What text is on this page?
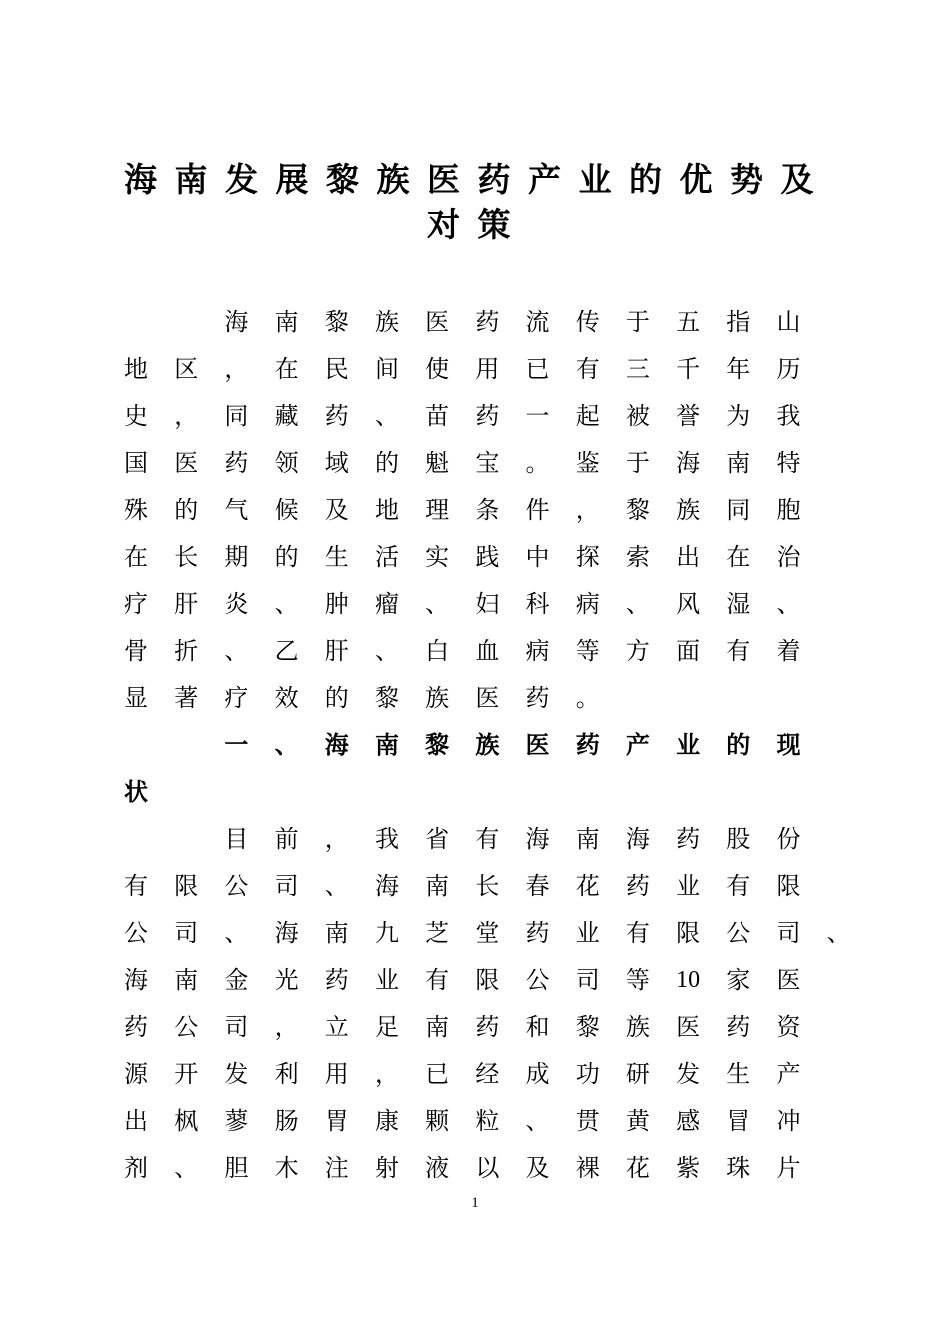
海 南 发 展 黎 族 医 药 产 业 的 优 势 及
对 策
海	南	黎	族	医	药	流	传	于	五	指	山
地	区	，	在	民	间	使	用	已	有	三	千	年	历
史	，	同	藏	药	、	苗	药	一	起	被	誉	为	我
国	医	药	领	域	的	魁	宝	。	鉴	于	海	南	特
殊	的	气	候	及	地	理	条	件	，	黎	族	同	胞
在	长	期	的	生	活	实	践	中	探	索	出	在	治
疗	肝	炎	、	肿	瘤	、	妇	科	病	、	风	湿	、
骨	折	、	乙	肝	、	白	血	病	等	方	面	有	着
显	著	疗	效	的	黎	族	医	药	。
一	、	海	南	黎	族	医	药	产	业	的	现
状
目	前	，	我	省	有	海	南	海	药	股	份
有	限	公	司	、	海	南	长	春	花	药	业	有	限
公	司	、	海	南	九	芝	堂	药	业	有	限	公	司	、
海	南	金	光	药	业	有	限	公	司	等	10	家	医
药	公	司	，	立	足	南	药	和	黎	族	医	药	资
源	开	发	利	用	，	已	经	成	功	研	发	生	产
出	枫	蓼	肠	胃	康	颗	粒	、	贯	黄	感	冒	冲
剂	、	胆	木	注	射	液	以	及	裸	花	紫	珠	片
1
